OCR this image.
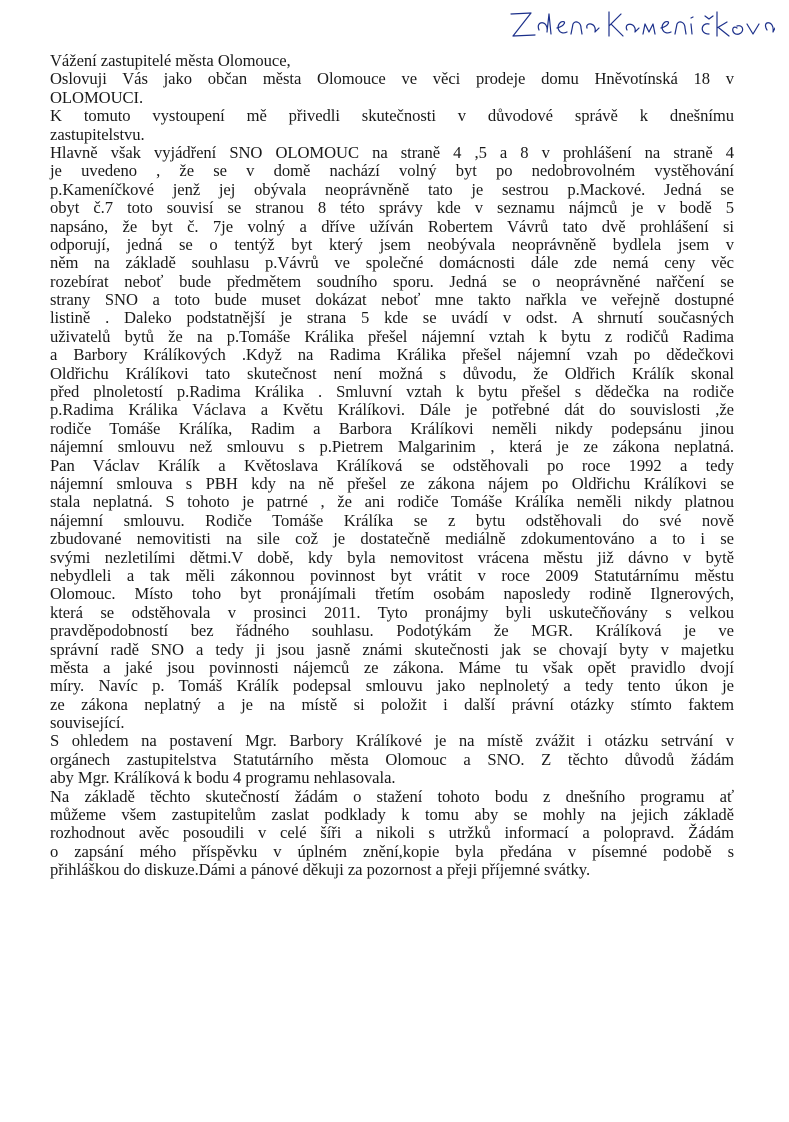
Vážení zastupitelé města Olomouce,
Oslovuji Vás jako občan města Olomouce ve věci prodeje domu Hněvotínská 18 v
OLOMOUCI.
K tomuto vystoupení mě přivedli skutečnosti v důvodové správě k dnešnímu
zastupitelstvu.
Hlavně však vyjádření SNO OLOMOUC na straně 4 ,5 a 8 v prohlášení na straně 4
je uvedeno , že se v domě nachází volný byt po nedobrovolném vystěhování
p.Kameníčkové jenž jej obývala neoprávněně tato je sestrou p.Mackové. Jedná se
obyt č.7 toto souvisí se stranou 8 této správy kde v seznamu nájmců je v bodě 5
napsáno, že byt č. 7je volný a dříve užíván Robertem Vávrů tato dvě prohlášení si
odporují, jedná se o tentýž byt který jsem neobývala neoprávněně bydlela jsem v
něm na základě souhlasu p.Vávrů ve společné domácnosti dále zde nemá ceny věc
rozebírat neboť bude předmětem soudního sporu. Jedná se o neoprávněné nařčení se
strany SNO a toto bude muset dokázat neboť mne takto nařkla ve veřejně dostupné
listině . Daleko podstatnější je strana 5 kde se uvádí v odst. A shrnutí současných
uživatelů bytů že na p.Tomáše Králika přešel nájemní vztah k bytu z rodičů Radima
a Barbory Králíkových .Když na Radima Králika přešel nájemní vzah po dědečkovi
Oldřichu Králíkovi tato skutečnost není možná s důvodu, že Oldřich Králík skonal
před plnoletostí p.Radima Králika . Smluvní vztah k bytu přešel s dědečka na rodiče
p.Radima Králika Václava a Květu Králíkovi. Dále je potřebné dát do souvislosti ,že
rodiče Tomáše Králíka, Radim a Barbora Králíkovi neměli nikdy podepsánu jinou
nájemní smlouvu než smlouvu s p.Pietrem Malgarinim , která je ze zákona neplatná.
Pan Václav Králík a Květoslava Králíková se odstěhovali po roce 1992 a tedy
nájemní smlouva s PBH kdy na ně přešel ze zákona nájem po Oldřichu Králíkovi se
stala neplatná. S tohoto je patrné , že ani rodiče Tomáše Králíka neměli nikdy platnou
nájemní smlouvu. Rodiče Tomáše Králíka se z bytu odstěhovali do své nově
zbudované nemovitisti na sile což je dostatečně mediálně zdokumentováno a to i se
svými nezletilími dětmi.V době, kdy byla nemovitost vrácena městu již dávno v bytě
nebydleli a tak měli zákonnou povinnost byt vrátit v roce 2009 Statutárnímu městu
Olomouc. Místo toho byt pronájímali třetím osobám naposledy rodině Ilgnerových,
která se odstěhovala v prosinci 2011. Tyto pronájmy byli uskutečňovány s velkou
pravděpodobností bez řádného souhlasu. Podotýkám že MGR. Králíková je ve
správní radě SNO a tedy ji jsou jasně známi skutečnosti jak se chovají byty v majetku
města a jaké jsou povinnosti nájemců ze zákona. Máme tu však opět pravidlo dvojí
míry. Navíc p. Tomáš Králík podepsal smlouvu jako neplnoletý a tedy tento úkon je
ze zákona neplatný a je na místě si položit i další právní otázky stímto faktem
související.
S ohledem na postavení Mgr. Barbory Králíkové je na místě zvážit i otázku setrvání v
orgánech zastupitelstva Statutárního města Olomouc a SNO. Z těchto důvodů žádám
aby Mgr. Králíková k bodu 4 programu nehlasovala.
Na základě těchto skutečností žádám o stažení tohoto bodu z dnešního programu ať
můžeme všem zastupitelům zaslat podklady k tomu aby se mohly na jejich základě
rozhodnout avěc posoudili v celé šíři a nikoli s utržků informací a polopravd. Žádám
o zapsání mého příspěvku v úplném znění,kopie byla předána v písemné podobě s
přihláškou do diskuze.Dámi a pánové děkuji za pozornost a přeji příjemné svátky.
